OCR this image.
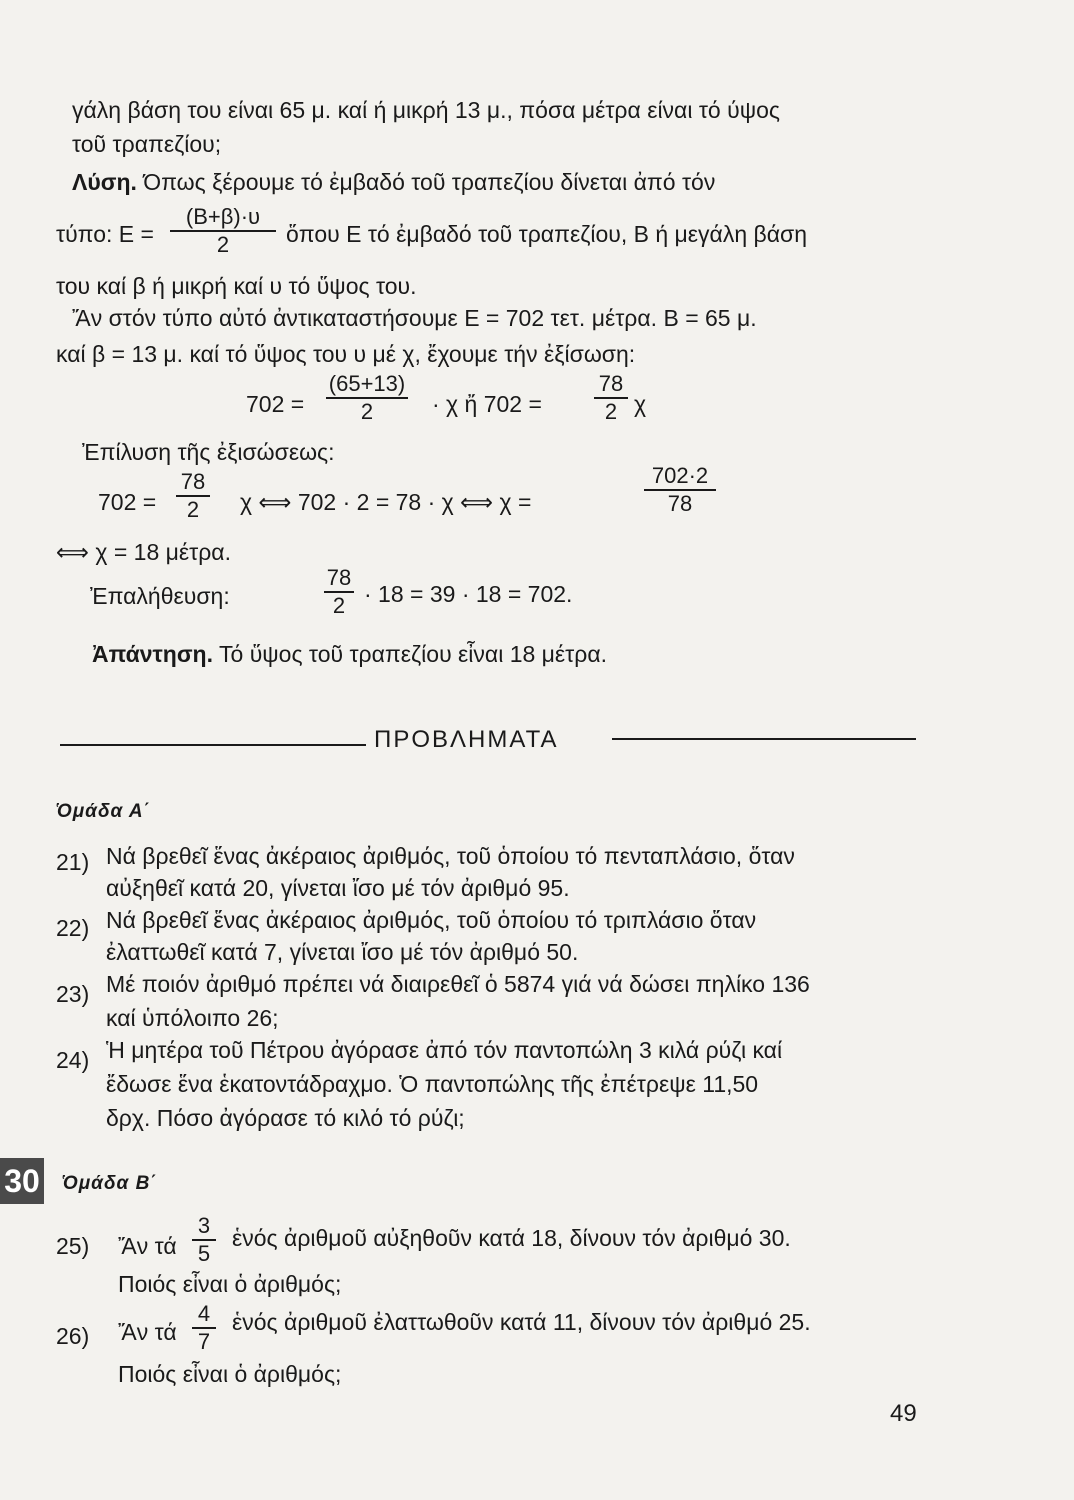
γάλη βάση του είναι 65 μ. καί ή μικρή 13 μ., πόσα μέτρα είναι τό ύψος
τοῦ τραπεζίου;
Λύση. Όπως ξέρουμε τό ἐμβαδό τοῦ τραπεζίου δίνεται ἀπό τόν
τύπο: Ε =
(Β+β)·υ
2	ὅπου Ε τό ἐμβαδό τοῦ τραπεζίου, Β ή μεγάλη βάση
του καί β ή μικρή καί υ τό ὕψος του.
Ἄν στόν τύπο αὐτό ἀντικαταστήσουμε Ε = 702 τετ. μέτρα. Β = 65 μ.
καί β = 13 μ. καί τό ὕψος του υ μέ χ, ἔχουμε τήν ἐξίσωση:
702 =
(65+13)
2	· χ ἤ 702 =
78
2 χ
Ἐπίλυση τῆς ἐξισώσεως:
702 =
78
2	χ ⟺ 702 · 2 = 78 · χ ⟺ χ =
702·2
78
⟺ χ = 18 μέτρα.
Ἐπαλήθευση:
78
2 · 18 = 39 · 18 = 702.
Ἀπάντηση. Τό ὕψος τοῦ τραπεζίου εἶναι 18 μέτρα.
ΠΡΟΒΛΗΜΑΤΑ
Ὁμάδα Α΄
21) Νά βρεθεῖ ἕνας ἀκέραιος ἀριθμός, τοῦ ὁποίου τό πενταπλάσιο, ὅταν
αὐξηθεῖ κατά 20, γίνεται ἴσο μέ τόν ἀριθμό 95.
22) Νά βρεθεῖ ἕνας ἀκέραιος ἀριθμός, τοῦ ὁποίου τό τριπλάσιο ὅταν
ἐλαττωθεῖ κατά 7, γίνεται ἴσο μέ τόν ἀριθμό 50.
23) Μέ ποιόν ἀριθμό πρέπει νά διαιρεθεῖ ὁ 5874 γιά νά δώσει πηλίκο 136
καί ὑπόλοιπο 26;
24) Ἡ μητέρα τοῦ Πέτρου ἀγόρασε ἀπό τόν παντοπώλη 3 κιλά ρύζι καί
ἔδωσε ἕνα ἑκατοντάδραχμο. Ὁ παντοπώλης τῆς ἐπέτρεψε 11,50
δρχ. Πόσο ἀγόρασε τό κιλό τό ρύζι;
30 Ὁμάδα Β΄
25) Ἄν τά
3
5
ἑνός ἀριθμοῦ αὐξηθοῦν κατά 18, δίνουν τόν ἀριθμό 30.
Ποιός εἶναι ὁ ἀριθμός;
26) Ἄν τά
4
7
ἑνός ἀριθμοῦ ἐλαττωθοῦν κατά 11, δίνουν τόν ἀριθμό 25.
Ποιός εἶναι ὁ ἀριθμός;
49
